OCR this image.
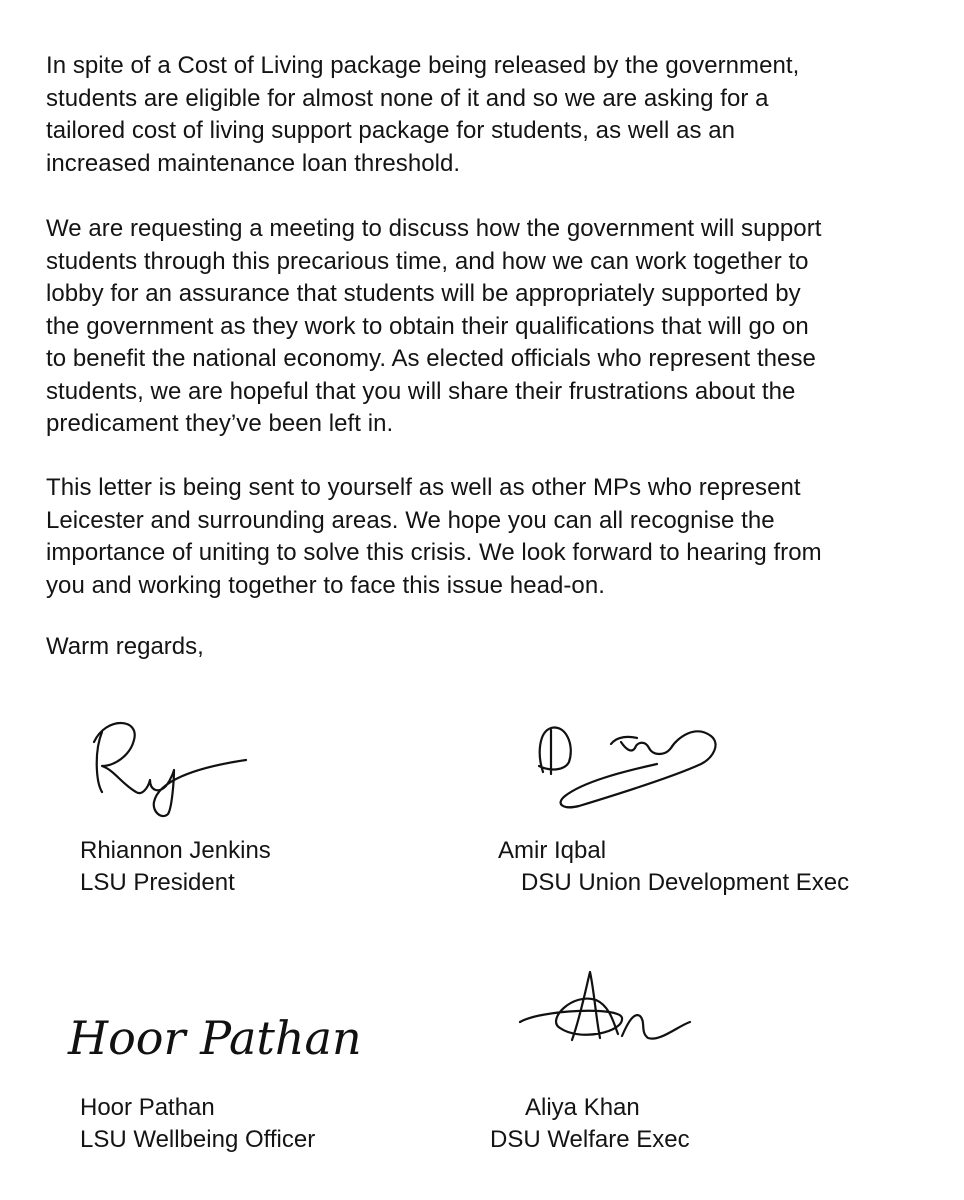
In spite of a Cost of Living package being released by the government,
students are eligible for almost none of it and so we are asking for a
tailored cost of living support package for students, as well as an
increased maintenance loan threshold.

We are requesting a meeting to discuss how the government will support
students through this precarious time, and how we can work together to
lobby for an assurance that students will be appropriately supported by
the government as they work to obtain their qualifications that will go on
to benefit the national economy. As elected officials who represent these
students, we are hopeful that you will share their frustrations about the
predicament they’ve been left in.

This letter is being sent to yourself as well as other MPs who represent
Leicester and surrounding areas. We hope you can all recognise the
importance of uniting to solve this crisis. We look forward to hearing from
you and working together to face this issue head-on.

Warm regards,

Hoor Pathan
Rhiannon Jenkins
LSU President
Amir Iqbal
DSU Union Development Exec
Hoor Pathan
LSU Wellbeing Officer
Aliya Khan
DSU Welfare Exec
